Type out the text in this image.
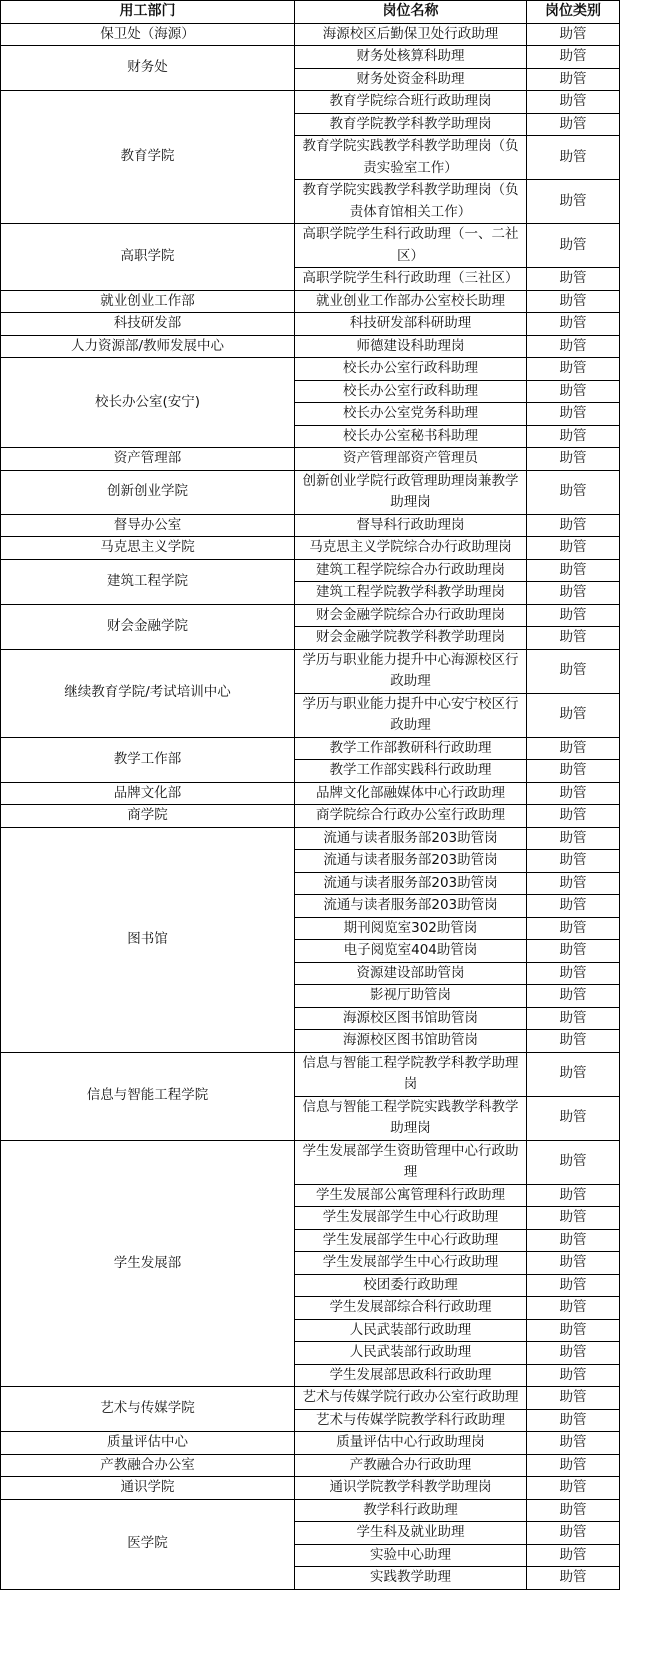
用工部门	岗位名称	岗位类别
保卫处（海源）	海源校区后勤保卫处行政助理	助管
财务处	财务处核算科助理	助管
	财务处资金科助理	助管
教育学院	教育学院综合班行政助理岗	助管
	教育学院教学科教学助理岗	助管
	教育学院实践教学科教学助理岗（负责实验室工作）	助管
	教育学院实践教学科教学助理岗（负责体育馆相关工作）	助管
高职学院	高职学院学生科行政助理（一、二社区）	助管
	高职学院学生科行政助理（三社区）	助管
就业创业工作部	就业创业工作部办公室校长助理	助管
科技研发部	科技研发部科研助理	助管
人力资源部/教师发展中心	师德建设科助理岗	助管
校长办公室(安宁)	校长办公室行政科助理	助管
	校长办公室行政科助理	助管
	校长办公室党务科助理	助管
	校长办公室秘书科助理	助管
资产管理部	资产管理部资产管理员	助管
创新创业学院	创新创业学院行政管理助理岗兼教学助理岗	助管
督导办公室	督导科行政助理岗	助管
马克思主义学院	马克思主义学院综合办行政助理岗	助管
建筑工程学院	建筑工程学院综合办行政助理岗	助管
	建筑工程学院教学科教学助理岗	助管
财会金融学院	财会金融学院综合办行政助理岗	助管
	财会金融学院教学科教学助理岗	助管
继续教育学院/考试培训中心	学历与职业能力提升中心海源校区行政助理	助管
	学历与职业能力提升中心安宁校区行政助理	助管
教学工作部	教学工作部教研科行政助理	助管
	教学工作部实践科行政助理	助管
品牌文化部	品牌文化部融媒体中心行政助理	助管
商学院	商学院综合行政办公室行政助理	助管
图书馆	流通与读者服务部203助管岗	助管
	流通与读者服务部203助管岗	助管
	流通与读者服务部203助管岗	助管
	流通与读者服务部203助管岗	助管
	期刊阅览室302助管岗	助管
	电子阅览室404助管岗	助管
	资源建设部助管岗	助管
	影视厅助管岗	助管
	海源校区图书馆助管岗	助管
	海源校区图书馆助管岗	助管
信息与智能工程学院	信息与智能工程学院教学科教学助理岗	助管
	信息与智能工程学院实践教学科教学助理岗	助管
学生发展部	学生发展部学生资助管理中心行政助理	助管
	学生发展部公寓管理科行政助理	助管
	学生发展部学生中心行政助理	助管
	学生发展部学生中心行政助理	助管
	学生发展部学生中心行政助理	助管
	校团委行政助理	助管
	学生发展部综合科行政助理	助管
	人民武装部行政助理	助管
	人民武装部行政助理	助管
	学生发展部思政科行政助理	助管
艺术与传媒学院	艺术与传媒学院行政办公室行政助理	助管
	艺术与传媒学院教学科行政助理	助管
质量评估中心	质量评估中心行政助理岗	助管
产教融合办公室	产教融合办行政助理	助管
通识学院	通识学院教学科教学助理岗	助管
医学院	教学科行政助理	助管
	学生科及就业助理	助管
	实验中心助理	助管
	实践教学助理	助管
